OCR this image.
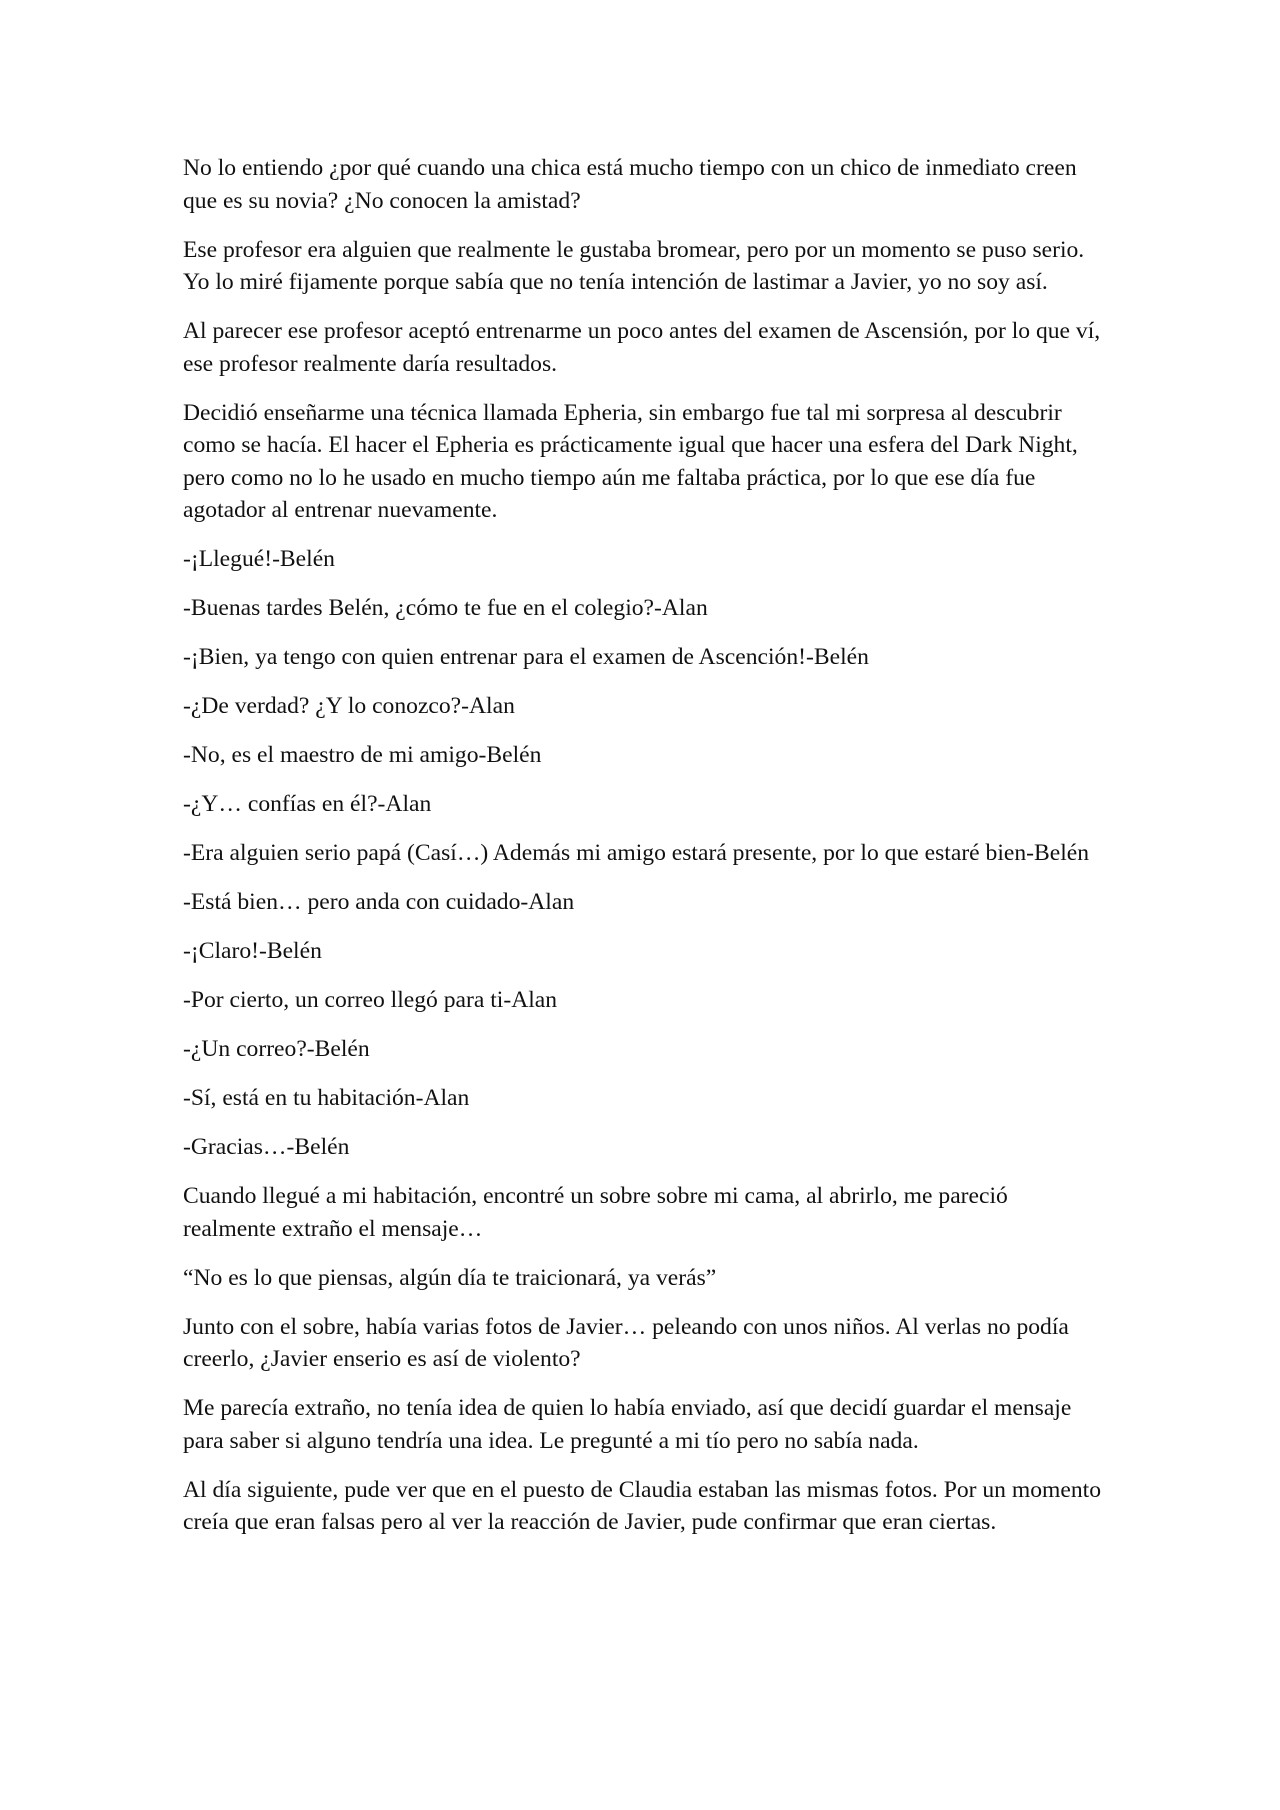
No lo entiendo ¿por qué cuando una chica está mucho tiempo con un chico de inmediato creen que es su novia? ¿No conocen la amistad?

Ese profesor era alguien que realmente le gustaba bromear, pero por un momento se puso serio. Yo lo miré fijamente porque sabía que no tenía intención de lastimar a Javier, yo no soy así.

Al parecer ese profesor aceptó entrenarme un poco antes del examen de Ascensión, por lo que ví, ese profesor realmente daría resultados.

Decidió enseñarme una técnica llamada Epheria, sin embargo fue tal mi sorpresa al descubrir como se hacía. El hacer el Epheria es prácticamente igual que hacer una esfera del Dark Night, pero como no lo he usado en mucho tiempo aún me faltaba práctica, por lo que ese día fue agotador al entrenar nuevamente.

-¡Llegué!-Belén

-Buenas tardes Belén, ¿cómo te fue en el colegio?-Alan

-¡Bien, ya tengo con quien entrenar para el examen de Ascención!-Belén

-¿De verdad? ¿Y lo conozco?-Alan

-No, es el maestro de mi amigo-Belén

-¿Y… confías en él?-Alan

-Era alguien serio papá (Casí…) Además mi amigo estará presente, por lo que estaré bien-Belén

-Está bien… pero anda con cuidado-Alan

-¡Claro!-Belén

-Por cierto, un correo llegó para ti-Alan

-¿Un correo?-Belén

-Sí, está en tu habitación-Alan

-Gracias…-Belén

Cuando llegué a mi habitación, encontré un sobre sobre mi cama, al abrirlo, me pareció realmente extraño el mensaje…

“No es lo que piensas, algún día te traicionará, ya verás”

Junto con el sobre, había varias fotos de Javier… peleando con unos niños. Al verlas no podía creerlo, ¿Javier enserio es así de violento?

Me parecía extraño, no tenía idea de quien lo había enviado, así que decidí guardar el mensaje para saber si alguno tendría una idea. Le pregunté a mi tío pero no sabía nada.

Al día siguiente, pude ver que en el puesto de Claudia estaban las mismas fotos. Por un momento creía que eran falsas pero al ver la reacción de Javier, pude confirmar que eran ciertas.
